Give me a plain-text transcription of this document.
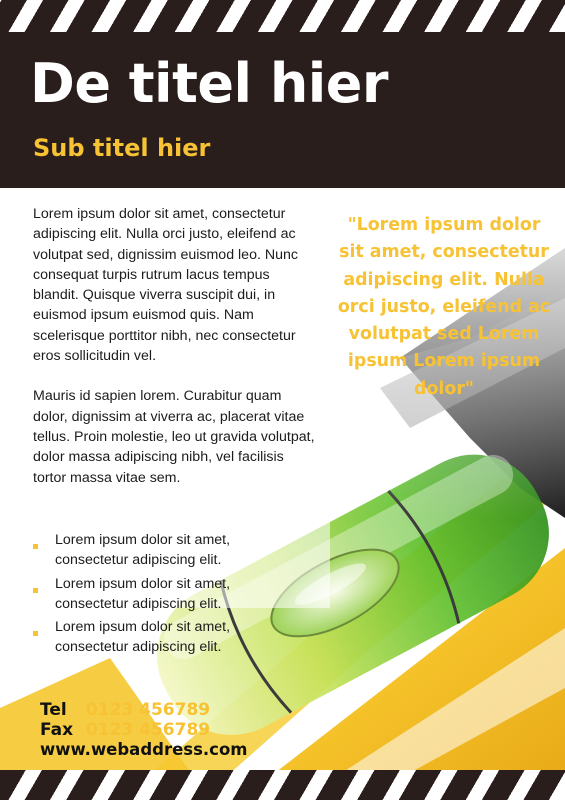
De titel hier
Sub titel hier

Lorem ipsum dolor sit amet, consectetur adipiscing elit. Nulla orci justo, eleifend ac volutpat sed, dignissim euismod leo. Nunc consequat turpis rutrum lacus tempus blandit. Quisque viverra suscipit dui, in euismod ipsum euismod quis. Nam scelerisque porttitor nibh, nec consectetur eros sollicitudin vel.

Mauris id sapien lorem. Curabitur quam dolor, dignissim at viverra ac, placerat vitae tellus. Proin molestie, leo ut gravida volutpat, dolor massa adipiscing nibh, vel facilisis tortor massa vitae sem.

Lorem ipsum dolor sit amet, consectetur adipiscing elit.
Lorem ipsum dolor sit amet, consectetur adipiscing elit.
Lorem ipsum dolor sit amet, consectetur adipiscing elit.

"Lorem ipsum dolor sit amet, consectetur adipiscing elit. Nulla orci justo, eleifend ac volutpat sed Lorem ipsum Lorem ipsum dolor"

Tel 0123 456789
Fax 0123 456789
www.webaddress.com
